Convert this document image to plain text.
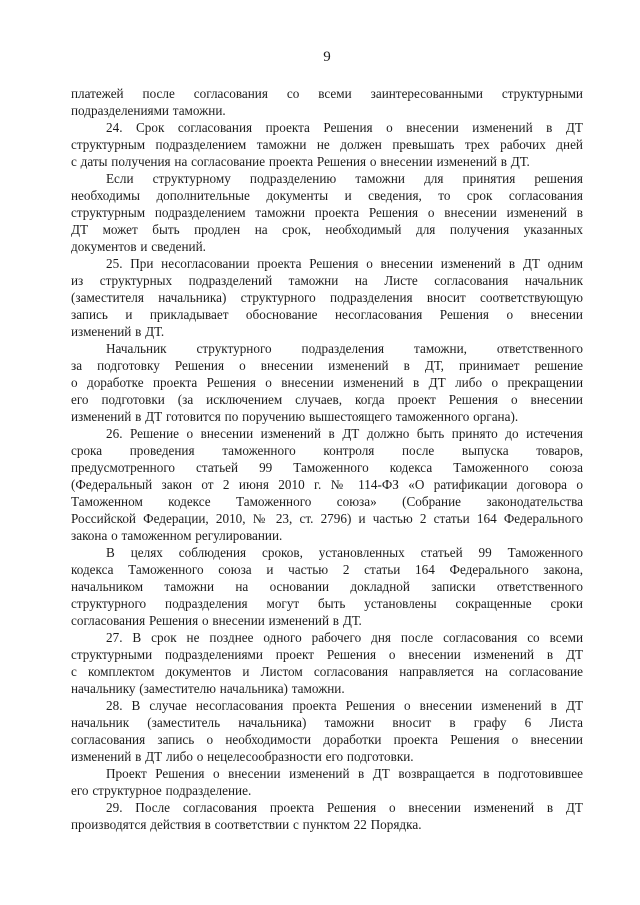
9

платежей после согласования со всеми заинтересованными структурными
подразделениями таможни.

24. Срок согласования проекта Решения о внесении изменений в ДТ
структурным подразделением таможни не должен превышать трех рабочих дней
с даты получения на согласование проекта Решения о внесении изменений в ДТ.

Если структурному подразделению таможни для принятия решения
необходимы дополнительные документы и сведения, то срок согласования
структурным подразделением таможни проекта Решения о внесении изменений в
ДТ может быть продлен на срок, необходимый для получения указанных
документов и сведений.

25. При несогласовании проекта Решения о внесении изменений в ДТ одним
из структурных подразделений таможни на Листе согласования начальник
(заместителя начальника) структурного подразделения вносит соответствующую
запись и прикладывает обоснование несогласования Решения о внесении
изменений в ДТ.

Начальник структурного подразделения таможни, ответственного
за подготовку Решения о внесении изменений в ДТ, принимает решение
о доработке проекта Решения о внесении изменений в ДТ либо о прекращении
его подготовки (за исключением случаев, когда проект Решения о внесении
изменений в ДТ готовится по поручению вышестоящего таможенного органа).

26. Решение о внесении изменений в ДТ должно быть принято до истечения
срока проведения таможенного контроля после выпуска товаров,
предусмотренного статьей 99 Таможенного кодекса Таможенного союза
(Федеральный закон от 2 июня 2010 г. № 114-ФЗ «О ратификации договора о
Таможенном кодексе Таможенного союза» (Собрание законодательства
Российской Федерации, 2010, № 23, ст. 2796) и частью 2 статьи 164 Федерального
закона о таможенном регулировании.

В целях соблюдения сроков, установленных статьей 99 Таможенного
кодекса Таможенного союза и частью 2 статьи 164 Федерального закона,
начальником таможни на основании докладной записки ответственного
структурного подразделения могут быть установлены сокращенные сроки
согласования Решения о внесении изменений в ДТ.

27. В срок не позднее одного рабочего дня после согласования со всеми
структурными подразделениями проект Решения о внесении изменений в ДТ
с комплектом документов и Листом согласования направляется на согласование
начальнику (заместителю начальника) таможни.

28. В случае несогласования проекта Решения о внесении изменений в ДТ
начальник (заместитель начальника) таможни вносит в графу 6 Листа
согласования запись о необходимости доработки проекта Решения о внесении
изменений в ДТ либо о нецелесообразности его подготовки.

Проект Решения о внесении изменений в ДТ возвращается в подготовившее
его структурное подразделение.

29. После согласования проекта Решения о внесении изменений в ДТ
производятся действия в соответствии с пунктом 22 Порядка.
